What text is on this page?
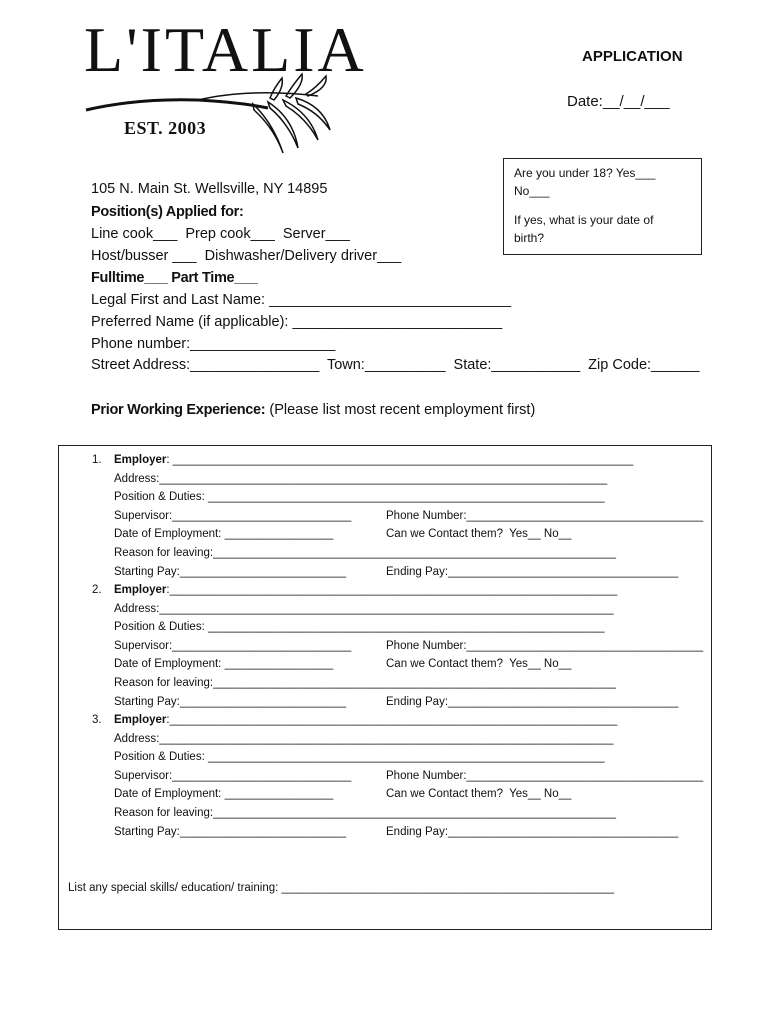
L'ITALIA
EST. 2003
APPLICATION
Date:__/__/___
Are you under 18? Yes___
No___
If yes, what is your date of
birth?
105 N. Main St. Wellsville, NY 14895
Position(s) Applied for:
Line cook___  Prep cook___  Server___
Host/busser ___  Dishwasher/Delivery driver___
Fulltime___ Part Time___
Legal First and Last Name: ______________________________
Preferred Name (if applicable): __________________________
Phone number:__________________
Street Address:________________  Town:__________  State:___________  Zip Code:______
Prior Working Experience: (Please list most recent employment first)
1. Employer: ________________________________________________________________________
Address:______________________________________________________________________
Position & Duties: ______________________________________________________________
Supervisor:____________________________	Phone Number:_____________________________________
Date of Employment: _________________	Can we Contact them?  Yes__ No__
Reason for leaving:_______________________________________________________________
Starting Pay:__________________________	Ending Pay:____________________________________
2. Employer:______________________________________________________________________
Address:_______________________________________________________________________
Position & Duties: ______________________________________________________________
Supervisor:____________________________	Phone Number:_____________________________________
Date of Employment: _________________	Can we Contact them?  Yes__ No__
Reason for leaving:_______________________________________________________________
Starting Pay:__________________________	Ending Pay:____________________________________
3. Employer:______________________________________________________________________
Address:_______________________________________________________________________
Position & Duties: ______________________________________________________________
Supervisor:____________________________	Phone Number:_____________________________________
Date of Employment: _________________	Can we Contact them?  Yes__ No__
Reason for leaving:_______________________________________________________________
Starting Pay:__________________________	Ending Pay:____________________________________
List any special skills/ education/ training: ____________________________________________________
